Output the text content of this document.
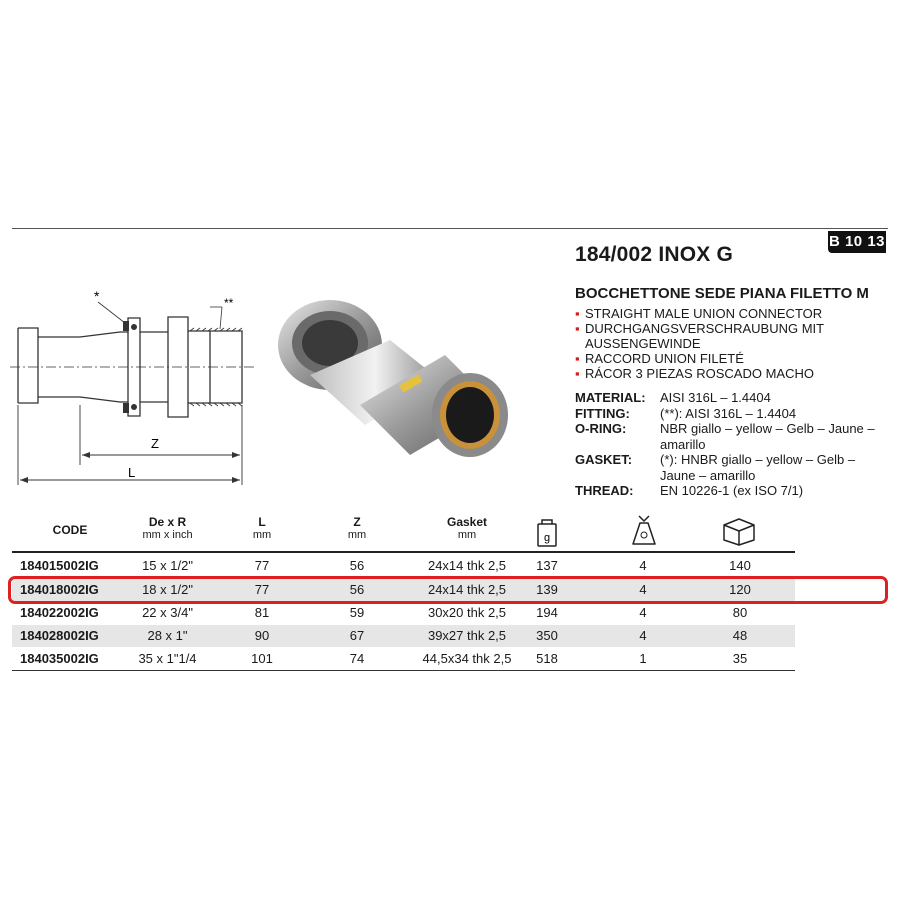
B 10 13
184/002 INOX G
BOCCHETTONE SEDE PIANA FILETTO M
▪ STRAIGHT MALE UNION CONNECTOR
▪ DURCHGANGSVERSCHRAUBUNG MIT AUSSENGEWINDE
▪ RACCORD UNION FILETÉ
▪ RÁCOR 3 PIEZAS ROSCADO MACHO
MATERIAL:	AISI 316L – 1.4404
FITTING:	(**): AISI 316L – 1.4404
O-RING:	NBR giallo – yellow – Gelb – Jaune – amarillo
GASKET:	(*): HNBR giallo – yellow – Gelb – Jaune – amarillo
THREAD:	EN 10226-1 (ex ISO 7/1)
*	**
Z
L
CODE
De x R
mm x inch
L
mm
Z
mm
Gasket
mm	g
184015002IG	15 x 1/2"	77	56	24x14 thk 2,5	137	4	140
184018002IG	18 x 1/2"	77	56	24x14 thk 2,5	139	4	120
184022002IG	22 x 3/4"	81	59	30x20 thk 2,5	194	4	80
184028002IG	28 x 1"	90	67	39x27 thk 2,5	350	4	48
184035002IG	35 x 1"1/4	101	74	44,5x34 thk 2,5	518	1	35
